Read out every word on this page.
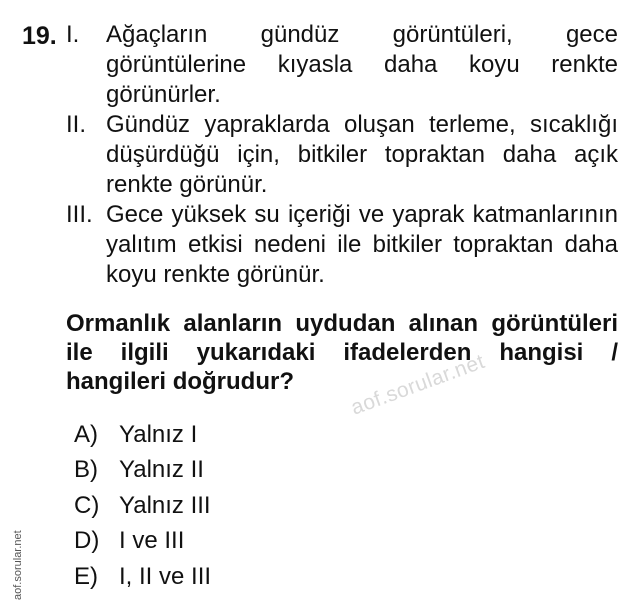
19. I.	Ağaçların gündüz görüntüleri, gece görüntülerine kıyasla daha koyu renkte görünürler.
II. Gündüz yapraklarda oluşan terleme, sıcaklığı düşürdüğü için, bitkiler topraktan daha açık renkte görünür.
III. Gece yüksek su içeriği ve yaprak katmanlarının yalıtım etkisi nedeni ile bitkiler topraktan daha koyu renkte görünür.
Ormanlık alanların uydudan alınan görüntüleri ile ilgili yukarıdaki ifadelerden hangisi / hangileri doğrudur?	aof.sorular.net
A) Yalnız I
B) Yalnız II
C) Yalnız III
D) I ve III
E) I, II ve III
aof.sorular.net
